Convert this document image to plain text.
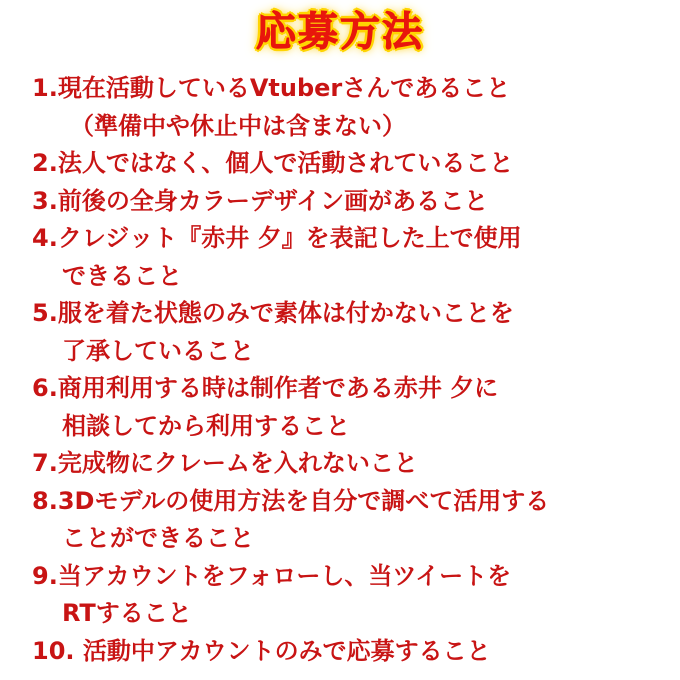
応募方法
1.現在活動しているVtuberさんであること
（準備中や休止中は含まない）
2.法人ではなく、個人で活動されていること
3.前後の全身カラーデザイン画があること
4.クレジット『赤井 夕』を表記した上で使用
できること
5.服を着た状態のみで素体は付かないことを
了承していること
6.商用利用する時は制作者である赤井 夕に
相談してから利用すること
7.完成物にクレームを入れないこと
8.3Dモデルの使用方法を自分で調べて活用する
ことができること
9.当アカウントをフォローし、当ツイートを
RTすること
10. 活動中アカウントのみで応募すること
